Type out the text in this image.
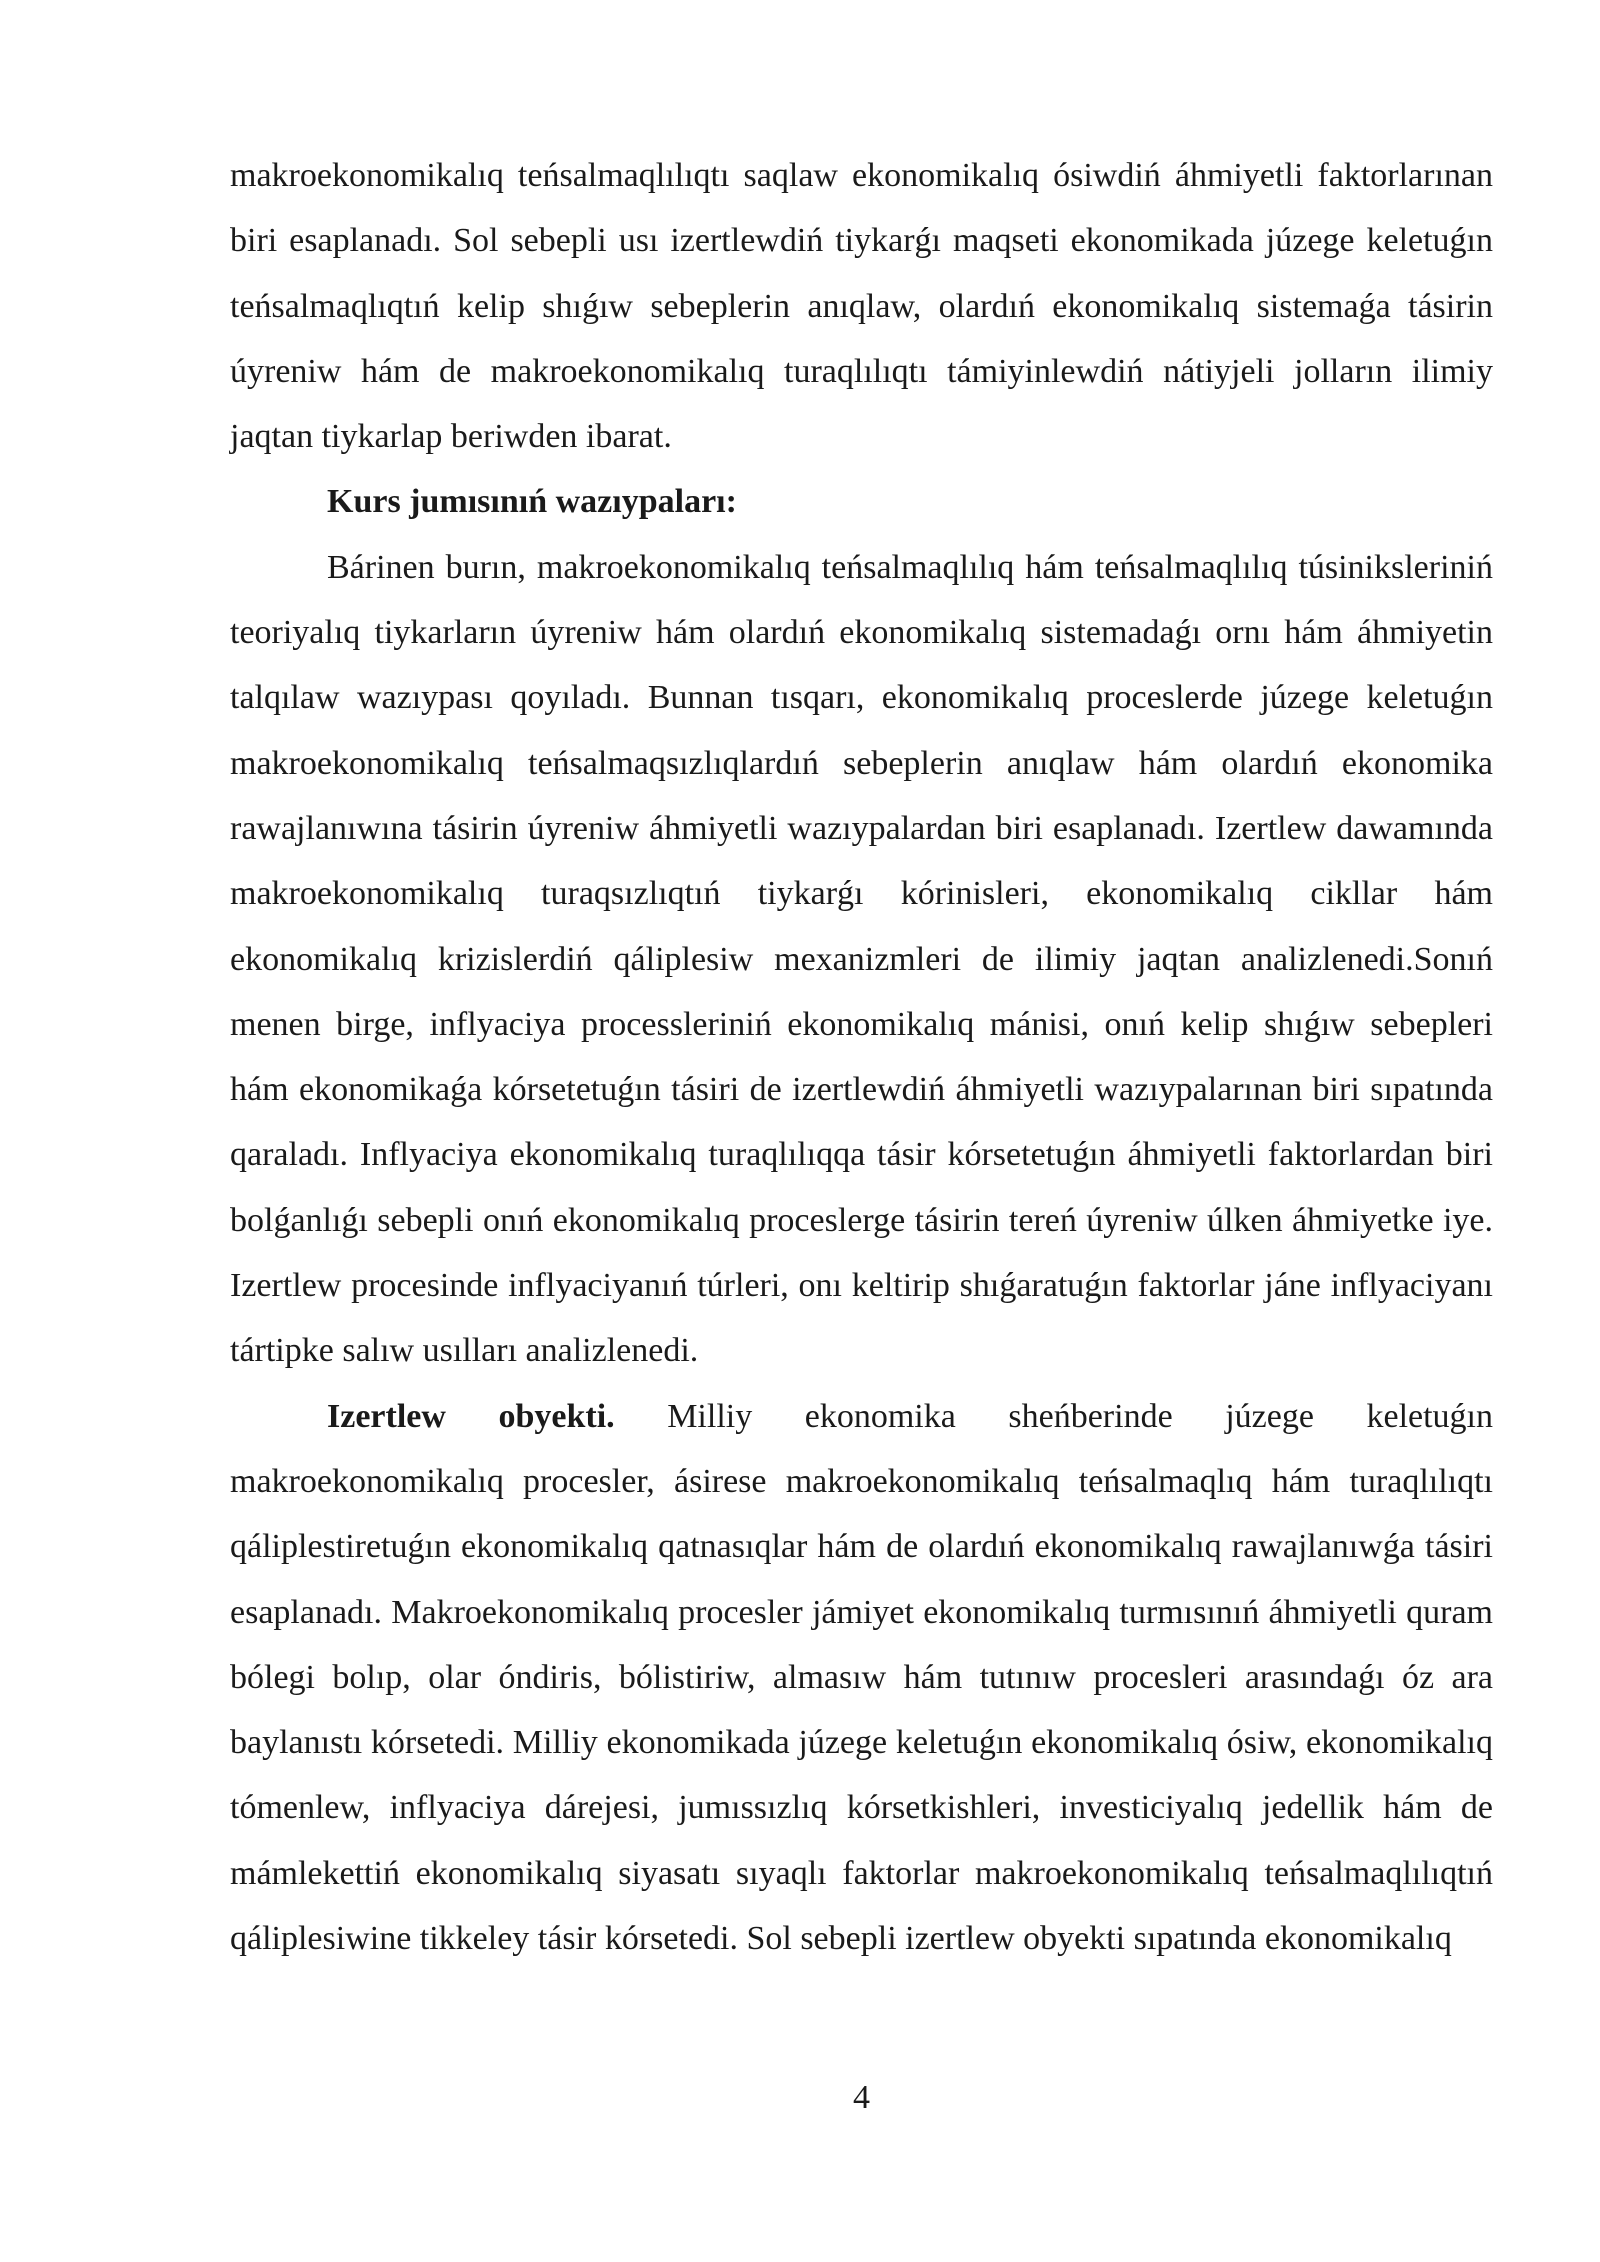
makroekonomikalıq teńsalmaqlılıqtı saqlaw ekonomikalıq ósiwdiń áhmiyetli faktorlarınan biri esaplanadı. Sol sebepli usı izertlewdiń tiykarǵı maqseti ekonomikada júzege keletuǵın teńsalmaqlıqtıń kelip shıǵıw sebeplerin anıqlaw, olardıń ekonomikalıq sistemaǵa tásirin úyreniw hám de makroekonomikalıq turaqlılıqtı támiyinlewdiń nátiyjeli jolların ilimiy jaqtan tiykarlap beriwden ibarat.

Kurs jumısınıń wazıypaları:

Bárinen burın, makroekonomikalıq teńsalmaqlılıq hám teńsalmaqlılıq túsiniksleriniń teoriyalıq tiykarların úyreniw hám olardıń ekonomikalıq sistemadaǵı ornı hám áhmiyetin talqılaw wazıypası qoyıladı. Bunnan tısqarı, ekonomikalıq proceslerde júzege keletuǵın makroekonomikalıq teńsalmaqsızlıqlardıń sebeplerin anıqlaw hám olardıń ekonomika rawajlanıwına tásirin úyreniw áhmiyetli wazıypalardan biri esaplanadı. Izertlew dawamında makroekonomikalıq turaqsızlıqtıń tiykarǵı kórinisleri, ekonomikalıq cikllar hám ekonomikalıq krizislerdiń qáliplesiw mexanizmleri de ilimiy jaqtan analizlenedi.Sonıń menen birge, inflyaciya processleriniń ekonomikalıq mánisi, onıń kelip shıǵıw sebepleri hám ekonomikaǵa kórsetetuǵın tásiri de izertlewdiń áhmiyetli wazıypalarınan biri sıpatında qaraladı. Inflyaciya ekonomikalıq turaqlılıqqa tásir kórsetetuǵın áhmiyetli faktorlardan biri bolǵanlıǵı sebepli onıń ekonomikalıq proceslerge tásirin tereń úyreniw úlken áhmiyetke iye. Izertlew procesinde inflyaciyanıń túrleri, onı keltirip shıǵaratuǵın faktorlar jáne inflyaciyanı tártipke salıw usılları analizlenedi.

Izertlew obyekti. Milliy ekonomika sheńberinde júzege keletuǵın makroekonomikalıq procesler, ásirese makroekonomikalıq teńsalmaqlıq hám turaqlılıqtı qáliplestiretuǵın ekonomikalıq qatnasıqlar hám de olardıń ekonomikalıq rawajlanıwǵa tásiri esaplanadı. Makroekonomikalıq procesler jámiyet ekonomikalıq turmısınıń áhmiyetli quram bólegi bolıp, olar óndiris, bólistiriw, almasıw hám tutınıw procesleri arasındaǵı óz ara baylanıstı kórsetedi. Milliy ekonomikada júzege keletuǵın ekonomikalıq ósiw, ekonomikalıq tómenlew, inflyaciya dárejesi, jumıssızlıq kórsetkishleri, investiciyalıq jedellik hám de mámlekettiń ekonomikalıq siyasatı sıyaqlı faktorlar makroekonomikalıq teńsalmaqlılıqtıń qáliplesiwine tikkeley tásir kórsetedi. Sol sebepli izertlew obyekti sıpatında ekonomikalıq

4
